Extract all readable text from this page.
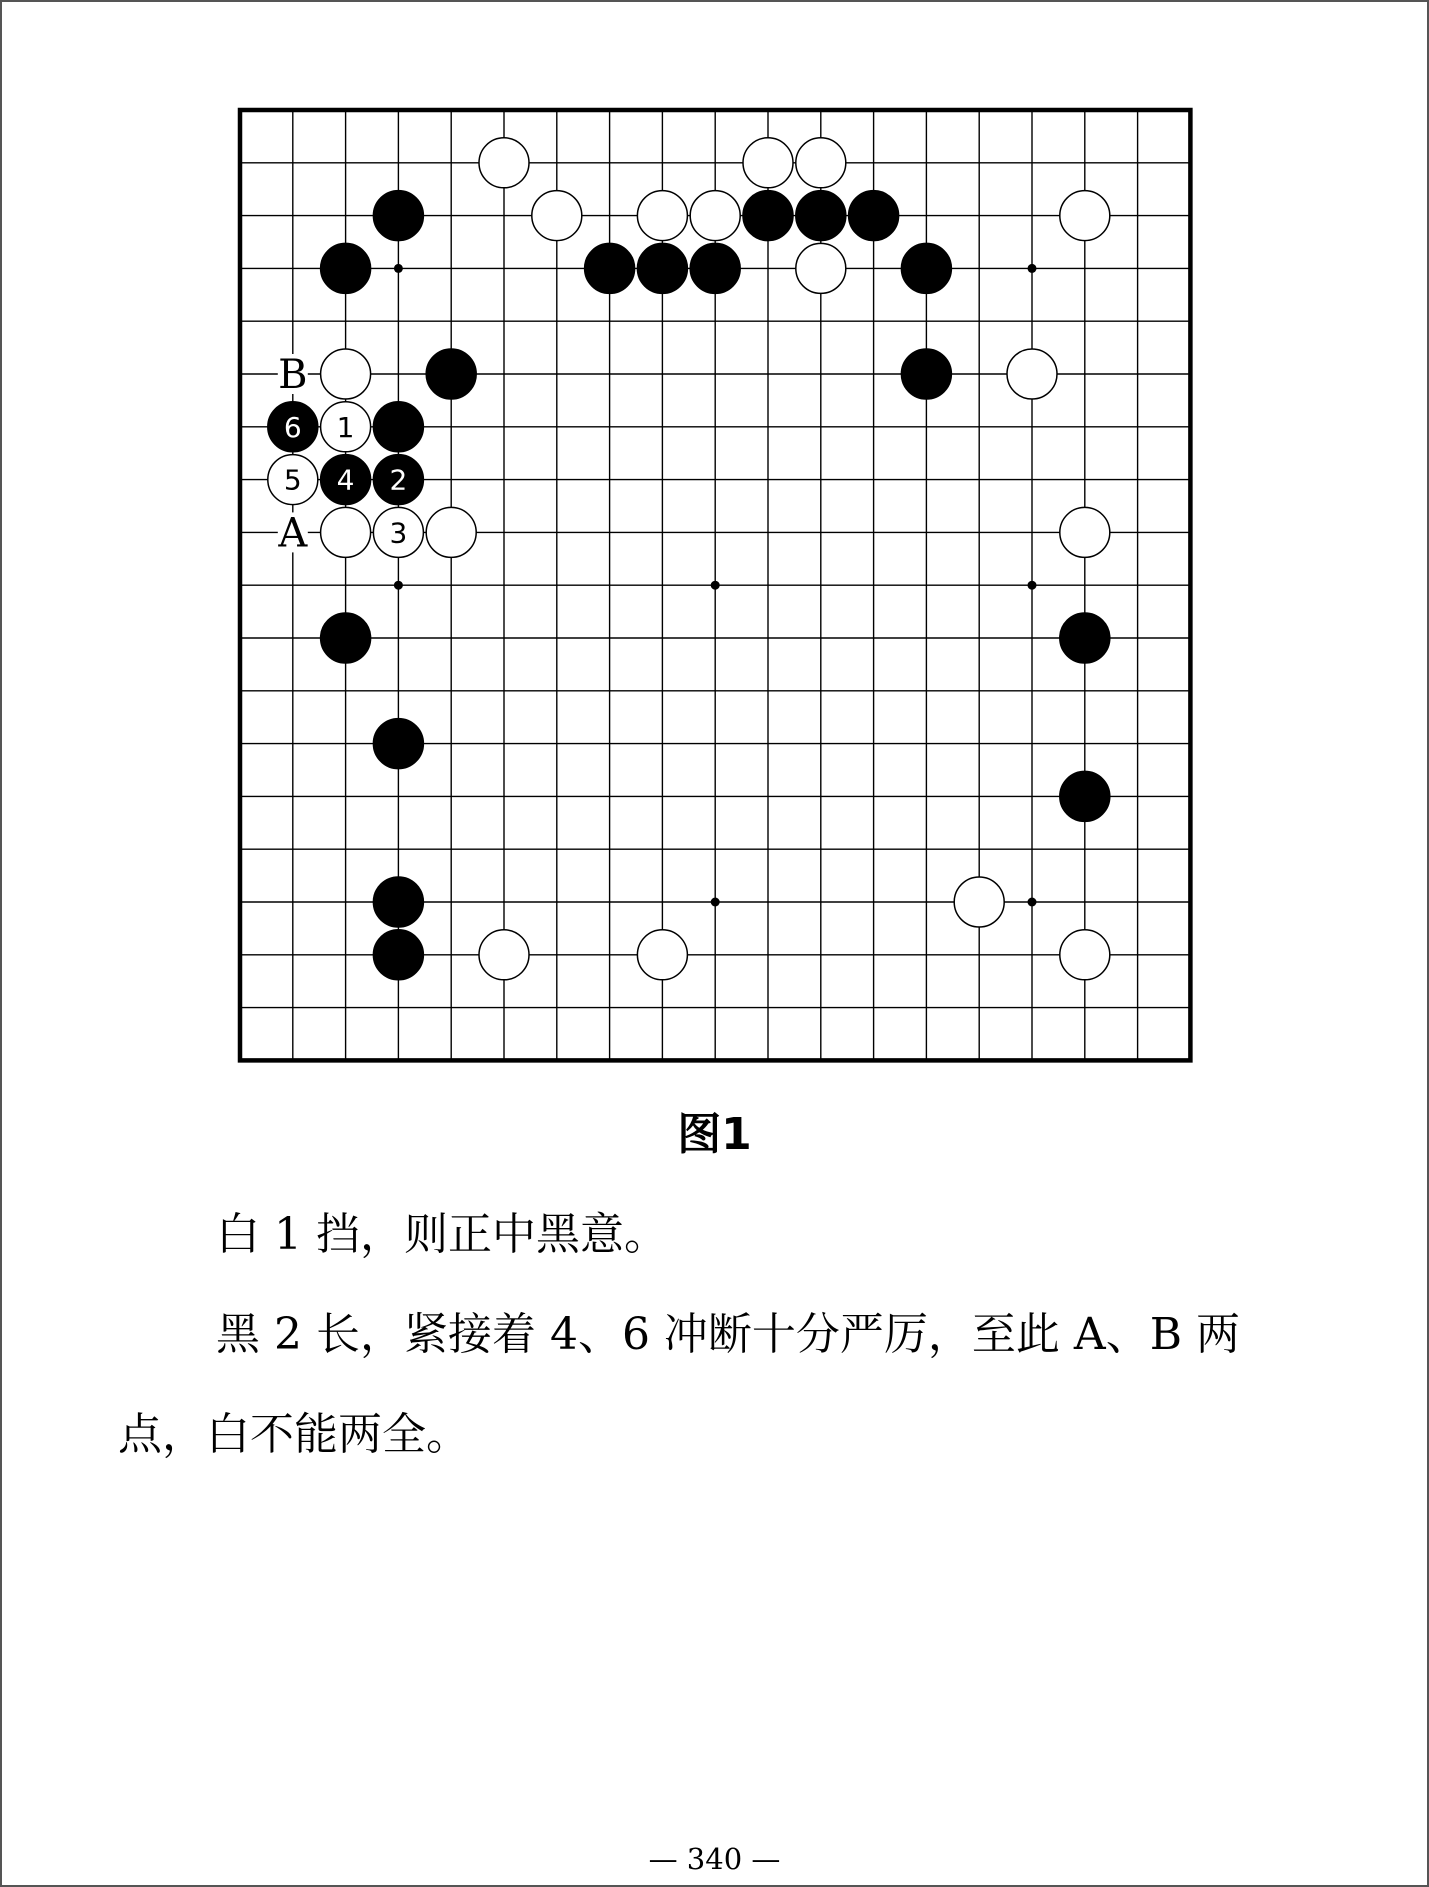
1
2
3
4
5
6
B
A
图1

白 1 挡，则正中黑意。

黑 2 长，紧接着 4、6 冲断十分严厉，至此 A、B 两点，白不能两全。

— 340 —
